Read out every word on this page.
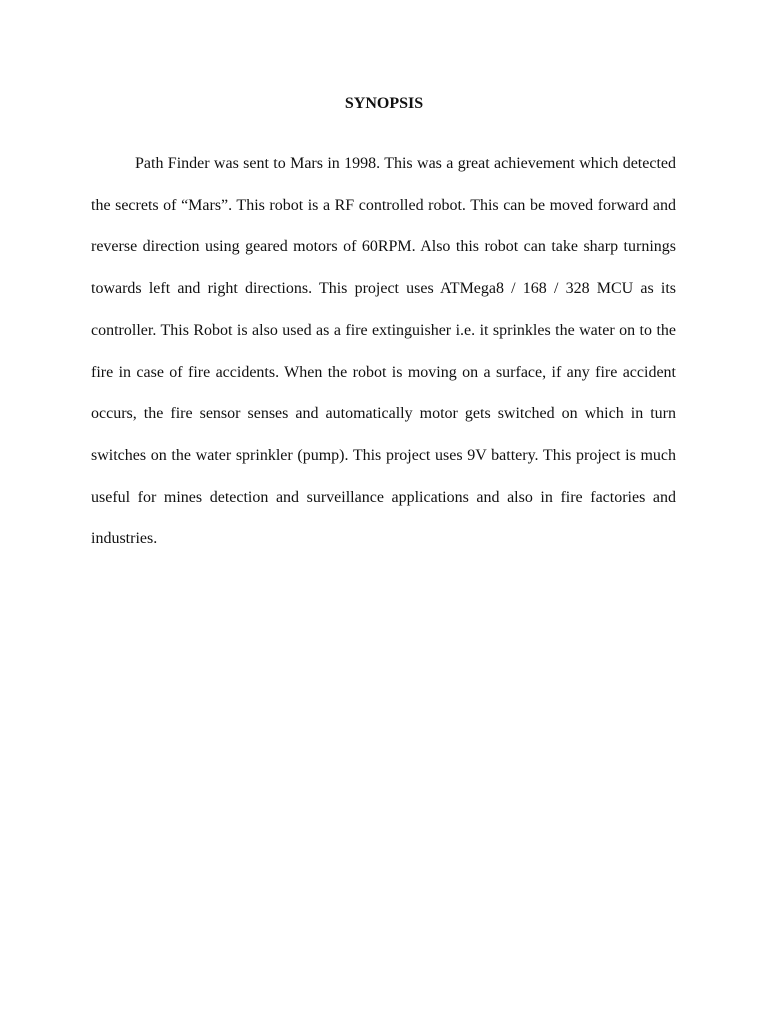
SYNOPSIS

Path Finder was sent to Mars in 1998. This was a great achievement which detected the secrets of “Mars”. This robot is a RF controlled robot. This can be moved forward and reverse direction using geared motors of 60RPM. Also this robot can take sharp turnings towards left and right directions. This project uses ATMega8 / 168 / 328 MCU as its controller. This Robot is also used as a fire extinguisher i.e. it sprinkles the water on to the fire in case of fire accidents. When the robot is moving on a surface, if any fire accident occurs, the fire sensor senses and automatically motor gets switched on which in turn switches on the water sprinkler (pump). This project uses 9V battery. This project is much useful for mines detection and surveillance applications and also in fire factories and industries.
